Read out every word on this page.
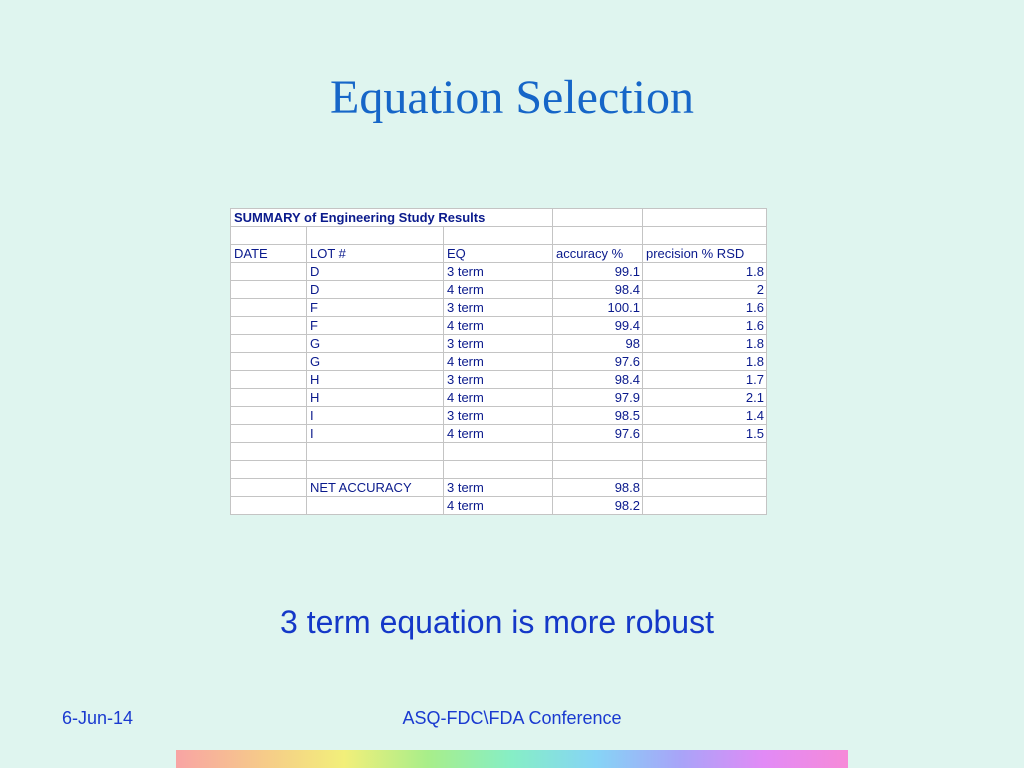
Equation Selection
SUMMARY of Engineering Study Results				

DATE	LOT #	EQ	accuracy %	precision % RSD
	D	3 term	99.1	1.8
	D	4 term	98.4	2
	F	3 term	100.1	1.6
	F	4 term	99.4	1.6
	G	3 term	98	1.8
	G	4 term	97.6	1.8
	H	3 term	98.4	1.7
	H	4 term	97.9	2.1
	I	3 term	98.5	1.4
	I	4 term	97.6	1.5

	NET ACCURACY	3 term	98.8	
		4 term	98.2	
3 term equation is more robust
6-Jun-14	ASQ-FDC\FDA Conference
